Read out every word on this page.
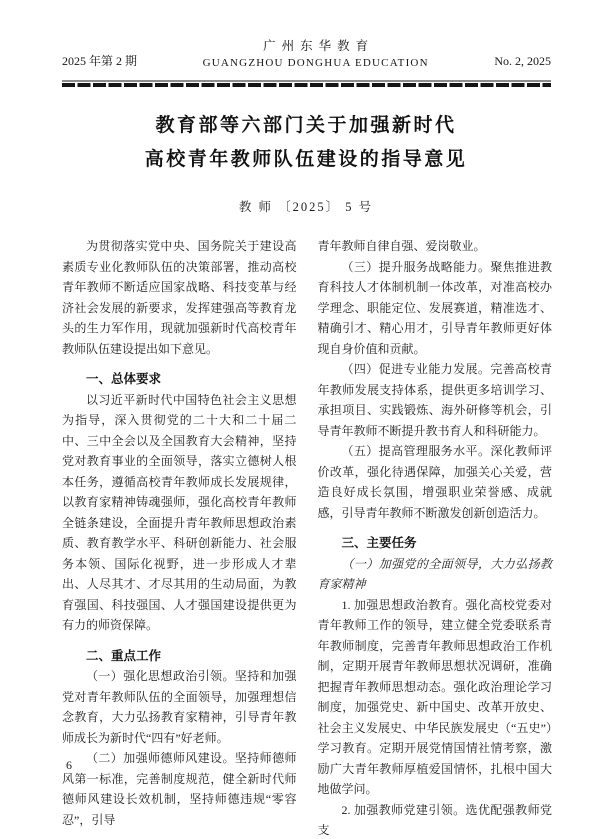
2025 年第 2 期
广州东华教育
GUANGZHOU DONGHUA EDUCATION	No. 2, 2025
教育部等六部门关于加强新时代
高校青年教师队伍建设的指导意见
教 师 〔2025〕 5 号

为贯彻落实党中央、国务院关于建设高素质专业化教师队伍的决策部署，推动高校青年教师不断适应国家战略、科技变革与经济社会发展的新要求，发挥建强高等教育龙头的生力军作用，现就加强新时代高校青年教师队伍建设提出如下意见。

一、总体要求

以习近平新时代中国特色社会主义思想为指导，深入贯彻党的二十大和二十届二中、三中全会以及全国教育大会精神，坚持党对教育事业的全面领导，落实立德树人根本任务，遵循高校青年教师成长发展规律，以教育家精神铸魂强师，强化高校青年教师全链条建设，全面提升青年教师思想政治素质、教育教学水平、科研创新能力、社会服务本领、国际化视野，进一步形成人才辈出、人尽其才、才尽其用的生动局面，为教育强国、科技强国、人才强国建设提供更为有力的师资保障。

二、重点工作

（一）强化思想政治引领。坚持和加强党对青年教师队伍的全面领导，加强理想信念教育，大力弘扬教育家精神，引导青年教师成长为新时代“四有”好老师。

（二）加强师德师风建设。坚持师德师风第一标准，完善制度规范，健全新时代师德师风建设长效机制，坚持师德违规“零容忍”，引导

青年教师自律自强、爱岗敬业。

（三）提升服务战略能力。聚焦推进教育科技人才体制机制一体改革，对准高校办学理念、职能定位、发展赛道，精准选才、精确引才、精心用才，引导青年教师更好体现自身价值和贡献。

（四）促进专业能力发展。完善高校青年教师发展支持体系，提供更多培训学习、承担项目、实践锻炼、海外研修等机会，引导青年教师不断提升教书育人和科研能力。

（五）提高管理服务水平。深化教师评价改革，强化待遇保障，加强关心关爱，营造良好成长氛围，增强职业荣誉感、成就感，引导青年教师不断激发创新创造活力。

三、主要任务

（一）加强党的全面领导，大力弘扬教育家精神

1. 加强思想政治教育。强化高校党委对青年教师工作的领导，建立健全党委联系青年教师制度，完善青年教师思想政治工作机制，定期开展青年教师思想状况调研，准确把握青年教师思想动态。强化政治理论学习制度，加强党史、新中国史、改革开放史、社会主义发展史、中华民族发展史（“五史”）学习教育。定期开展党情国情社情考察，激励广大青年教师厚植爱国情怀，扎根中国大地做学问。

2. 加强教师党建引领。选优配强教师党支

6
